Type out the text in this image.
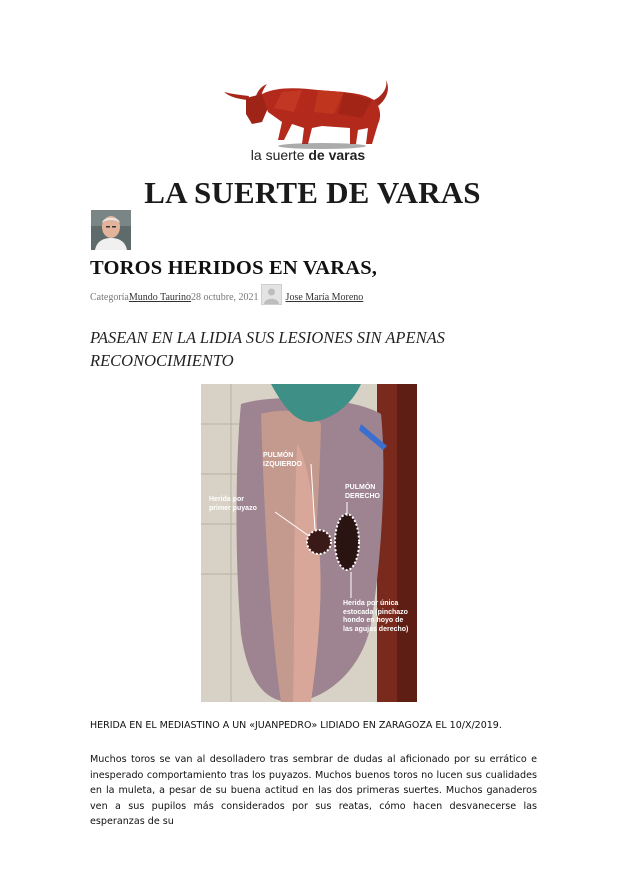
la suerte de varas
LA SUERTE DE VARAS
TOROS HERIDOS EN VARAS,
Categoría Mundo Taurino 28 octubre, 2021	Jose María Moreno
PASEAN EN LA LIDIA SUS LESIONES SIN APENAS RECONOCIMIENTO
PULMÓN
IZQUIERDO
PULMÓN
DERECHO
Herida por
primer puyazo
Herida por única
estocada (pinchazo
hondo en hoyo de
las agujas derecho)
HERIDA EN EL MEDIASTINO A UN «JUANPEDRO» LIDIADO EN ZARAGOZA EL 10/X/2019.
Muchos toros se van al desolladero tras sembrar de dudas al aficionado por su errático e inesperado comportamiento tras los puyazos. Muchos buenos toros no lucen sus cualidades en la muleta, a pesar de su buena actitud en las dos primeras suertes. Muchos ganaderos ven a sus pupilos más considerados por sus reatas, cómo hacen desvanecerse las esperanzas de su
